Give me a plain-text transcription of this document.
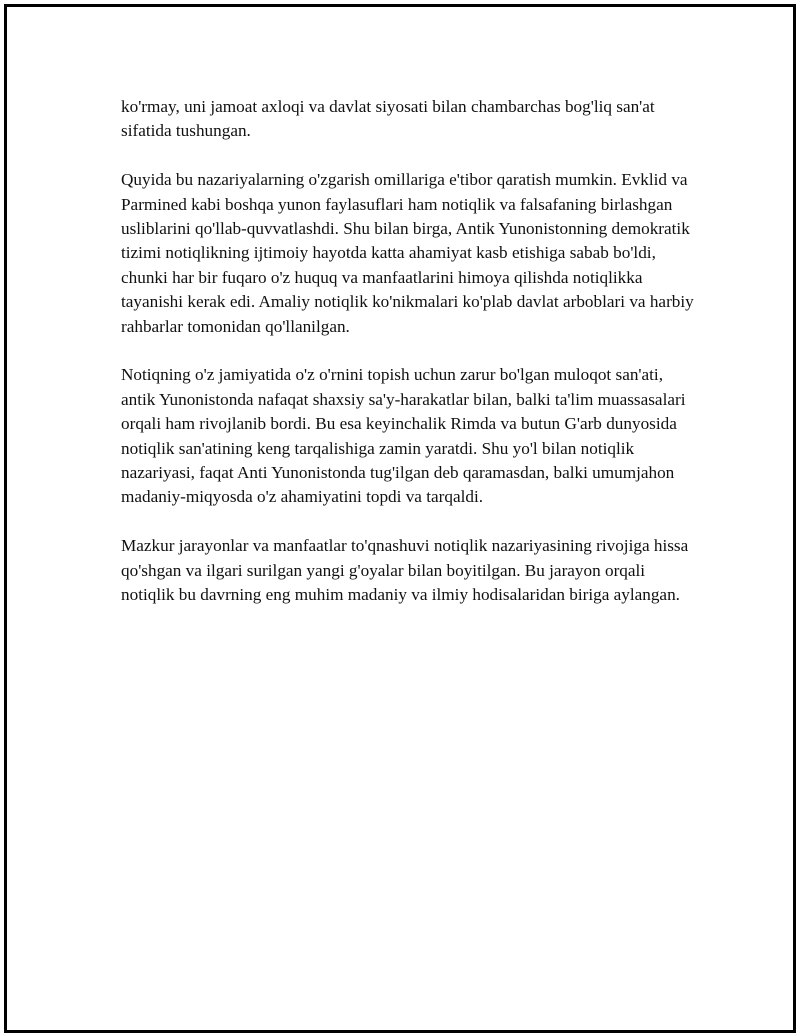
ko'rmay, uni jamoat axloqi va davlat siyosati bilan chambarchas bog'liq san'at sifatida tushungan.

Quyida bu nazariyalarning o'zgarish omillariga e'tibor qaratish mumkin. Evklid va Parmined kabi boshqa yunon faylasuflari ham notiqlik va falsafaning birlashgan usliblarini qo'llab-quvvatlashdi. Shu bilan birga, Antik Yunonistonning demokratik tizimi notiqlikning ijtimoiy hayotda katta ahamiyat kasb etishiga sabab bo'ldi, chunki har bir fuqaro o'z huquq va manfaatlarini himoya qilishda notiqlikka tayanishi kerak edi. Amaliy notiqlik ko'nikmalari ko'plab davlat arboblari va harbiy rahbarlar tomonidan qo'llanilgan.

Notiqning o'z jamiyatida o'z o'rnini topish uchun zarur bo'lgan muloqot san'ati, antik Yunonistonda nafaqat shaxsiy sa'y-harakatlar bilan, balki ta'lim muassasalari orqali ham rivojlanib bordi. Bu esa keyinchalik Rimda va butun G'arb dunyosida notiqlik san'atining keng tarqalishiga zamin yaratdi. Shu yo'l bilan notiqlik nazariyasi, faqat Anti Yunonistonda tug'ilgan deb qaramasdan, balki umumjahon madaniy-miqyosda o'z ahamiyatini topdi va tarqaldi.

Mazkur jarayonlar va manfaatlar to'qnashuvi notiqlik nazariyasining rivojiga hissa qo'shgan va ilgari surilgan yangi g'oyalar bilan boyitilgan. Bu jarayon orqali notiqlik bu davrning eng muhim madaniy va ilmiy hodisalaridan biriga aylangan.
